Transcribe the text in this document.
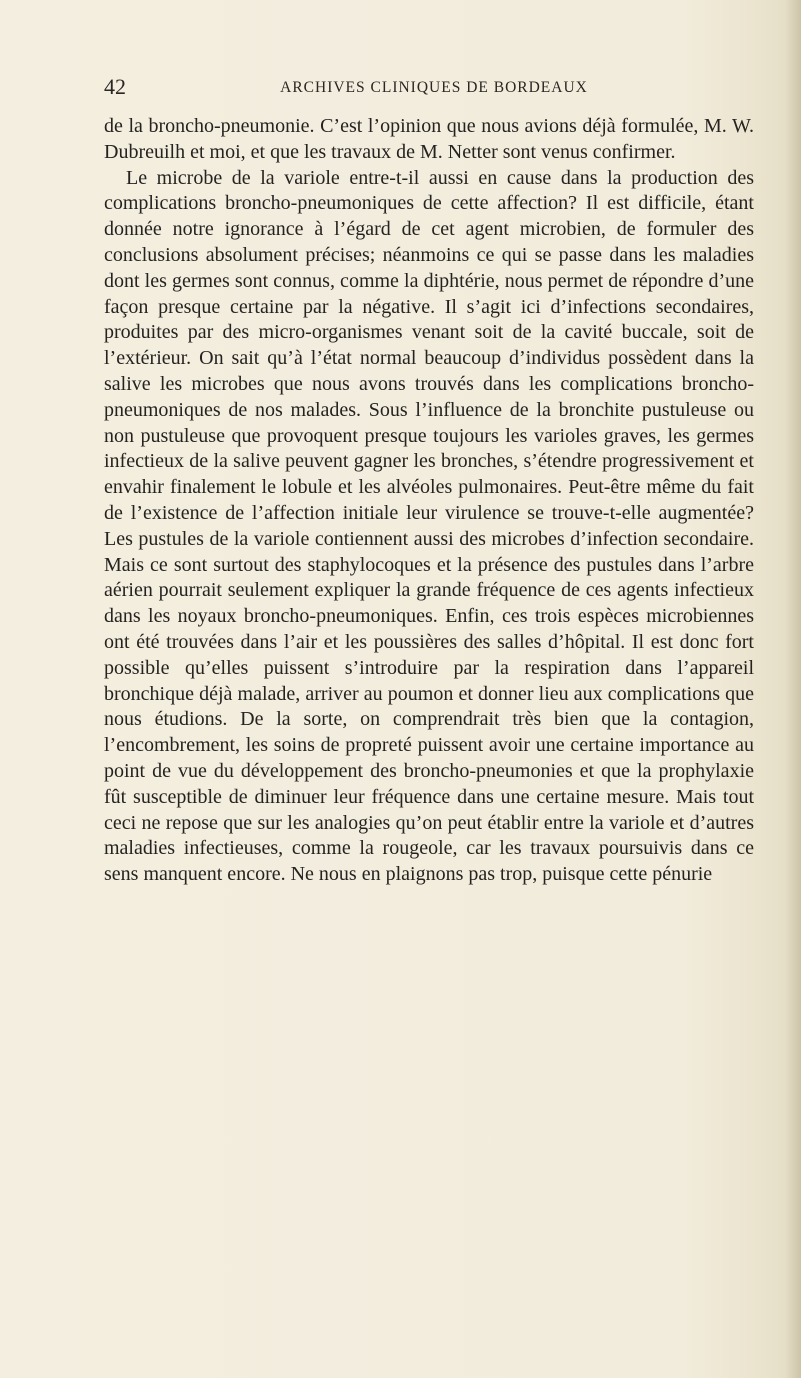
42	ARCHIVES CLINIQUES DE BORDEAUX

de la broncho-pneumonie. C’est l’opinion que nous avions déjà formulée, M. W. Dubreuilh et moi, et que les travaux de M. Netter sont venus confirmer.

Le microbe de la variole entre-t-il aussi en cause dans la production des complications broncho-pneumoniques de cette affection? Il est difficile, étant donnée notre ignorance à l’égard de cet agent microbien, de formuler des conclusions absolument précises; néanmoins ce qui se passe dans les maladies dont les germes sont connus, comme la diphtérie, nous permet de répondre d’une façon presque certaine par la négative. Il s’agit ici d’infections secondaires, produites par des micro-organismes venant soit de la cavité buccale, soit de l’extérieur. On sait qu’à l’état normal beaucoup d’individus possèdent dans la salive les microbes que nous avons trouvés dans les complications broncho-pneumoniques de nos malades. Sous l’influence de la bronchite pustuleuse ou non pustuleuse que provoquent presque toujours les varioles graves, les germes infectieux de la salive peuvent gagner les bronches, s’étendre progressivement et envahir finalement le lobule et les alvéoles pulmonaires. Peut-être même du fait de l’existence de l’affection initiale leur virulence se trouve-t-elle augmentée? Les pustules de la variole contiennent aussi des microbes d’infection secondaire. Mais ce sont surtout des staphylocoques et la présence des pustules dans l’arbre aérien pourrait seulement expliquer la grande fréquence de ces agents infectieux dans les noyaux broncho-pneumoniques. Enfin, ces trois espèces microbiennes ont été trouvées dans l’air et les poussières des salles d’hôpital. Il est donc fort possible qu’elles puissent s’introduire par la respiration dans l’appareil bronchique déjà malade, arriver au poumon et donner lieu aux complications que nous étudions. De la sorte, on comprendrait très bien que la contagion, l’encombrement, les soins de propreté puissent avoir une certaine importance au point de vue du développement des broncho-pneumonies et que la prophylaxie fût susceptible de diminuer leur fréquence dans une certaine mesure. Mais tout ceci ne repose que sur les analogies qu’on peut établir entre la variole et d’autres maladies infectieuses, comme la rougeole, car les travaux poursuivis dans ce sens manquent encore. Ne nous en plaignons pas trop, puisque cette pénurie
